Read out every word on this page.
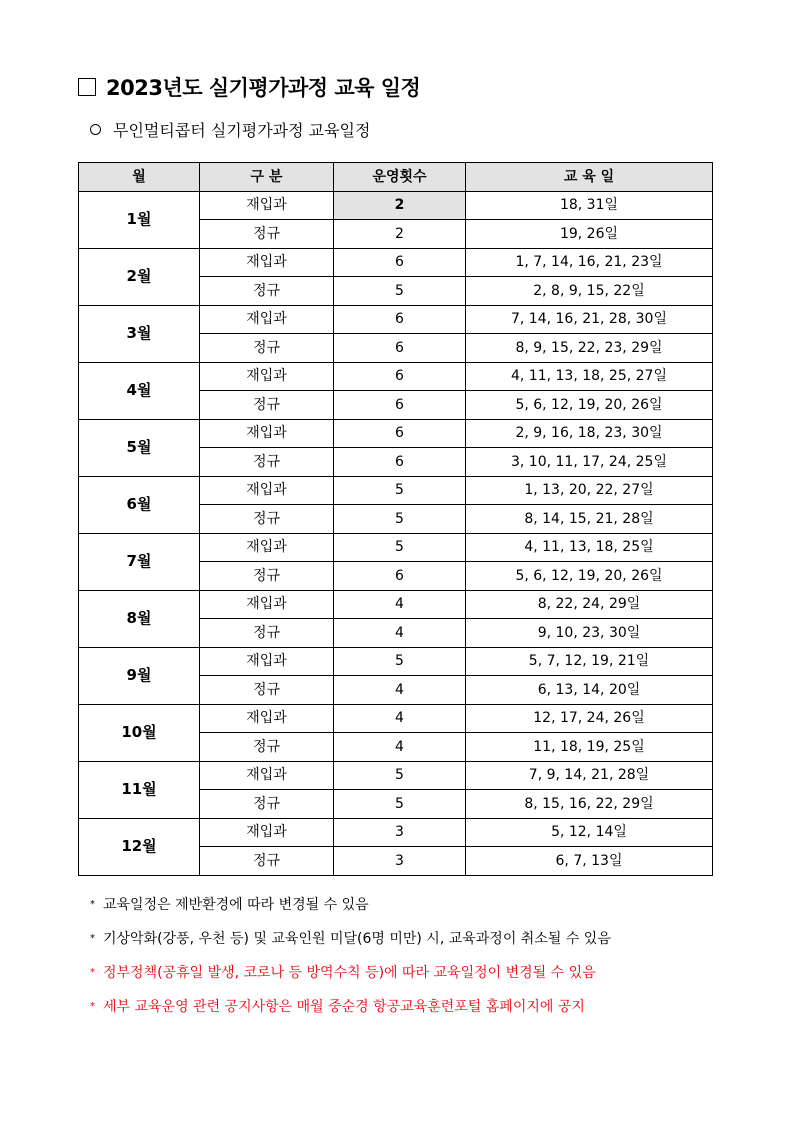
2023년도 실기평가과정 교육 일정
무인멀티콥터 실기평가과정 교육일정
월	구 분	운영횟수	교 육 일
1월	재입과	2	18, 31일
	정규	2	19, 26일
2월	재입과	6	1, 7, 14, 16, 21, 23일
	정규	5	2, 8, 9, 15, 22일
3월	재입과	6	7, 14, 16, 21, 28, 30일
	정규	6	8, 9, 15, 22, 23, 29일
4월	재입과	6	4, 11, 13, 18, 25, 27일
	정규	6	5, 6, 12, 19, 20, 26일
5월	재입과	6	2, 9, 16, 18, 23, 30일
	정규	6	3, 10, 11, 17, 24, 25일
6월	재입과	5	1, 13, 20, 22, 27일
	정규	5	8, 14, 15, 21, 28일
7월	재입과	5	4, 11, 13, 18, 25일
	정규	6	5, 6, 12, 19, 20, 26일
8월	재입과	4	8, 22, 24, 29일
	정규	4	9, 10, 23, 30일
9월	재입과	5	5, 7, 12, 19, 21일
	정규	4	6, 13, 14, 20일
10월	재입과	4	12, 17, 24, 26일
	정규	4	11, 18, 19, 25일
11월	재입과	5	7, 9, 14, 21, 28일
	정규	5	8, 15, 16, 22, 29일
12월	재입과	3	5, 12, 14일
	정규	3	6, 7, 13일
* 교육일정은 제반환경에 따라 변경될 수 있음
* 기상악화(강풍, 우천 등) 및 교육인원 미달(6명 미만) 시, 교육과정이 취소될 수 있음
* 정부정책(공휴일 발생, 코로나 등 방역수칙 등)에 따라 교육일정이 변경될 수 있음
* 세부 교육운영 관련 공지사항은 매월 중순경 항공교육훈련포털 홈페이지에 공지
